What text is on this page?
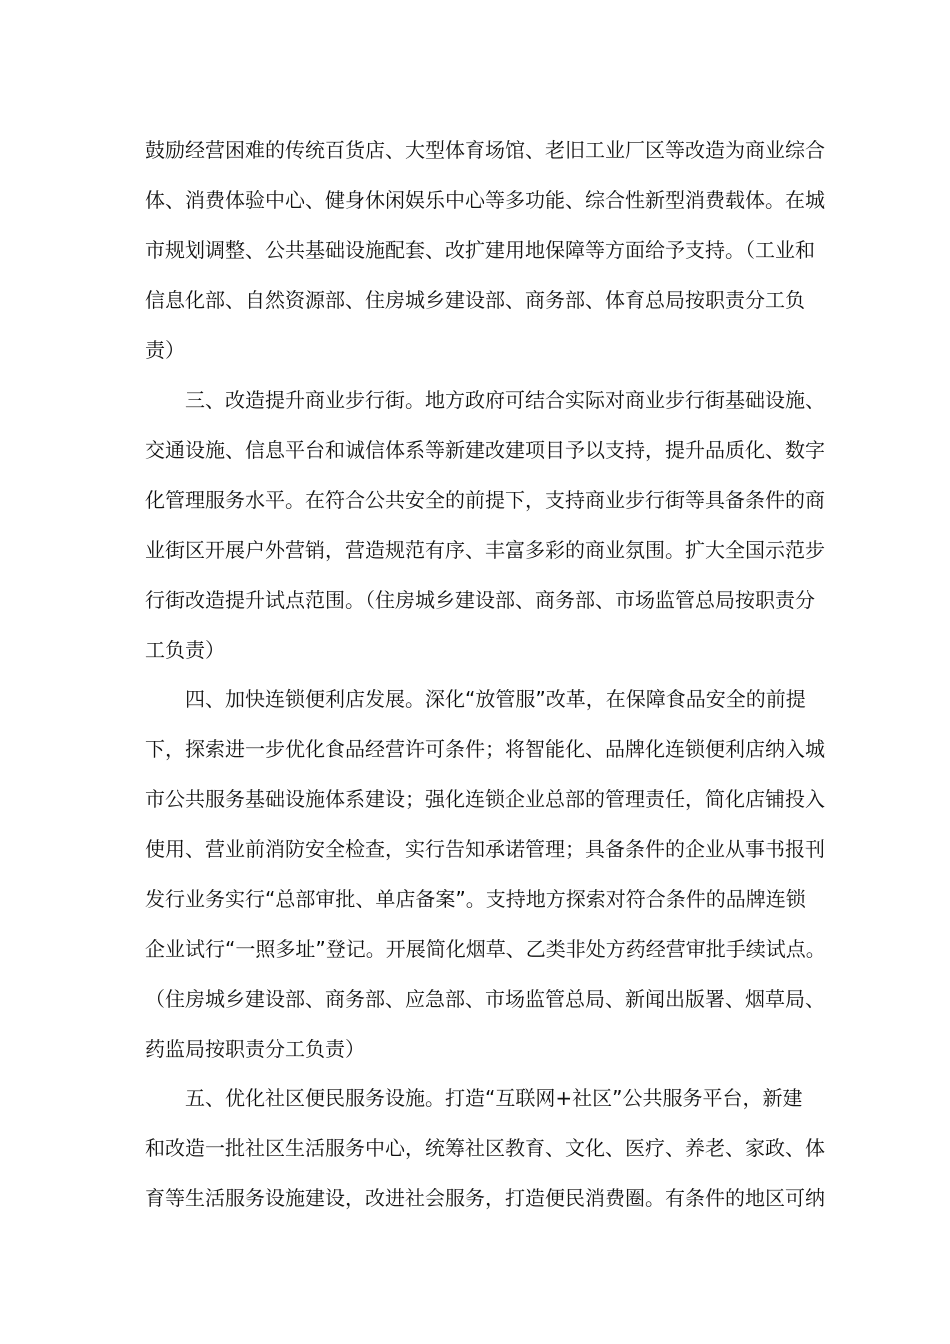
鼓励经营困难的传统百货店、大型体育场馆、老旧工业厂区等改造为商业综合
体、消费体验中心、健身休闲娱乐中心等多功能、综合性新型消费载体。在城
市规划调整、公共基础设施配套、改扩建用地保障等方面给予支持。（工业和
信息化部、自然资源部、住房城乡建设部、商务部、体育总局按职责分工负
责）
三、改造提升商业步行街。地方政府可结合实际对商业步行街基础设施、
交通设施、信息平台和诚信体系等新建改建项目予以支持，提升品质化、数字
化管理服务水平。在符合公共安全的前提下，支持商业步行街等具备条件的商
业街区开展户外营销，营造规范有序、丰富多彩的商业氛围。扩大全国示范步
行街改造提升试点范围。（住房城乡建设部、商务部、市场监管总局按职责分
工负责）
四、加快连锁便利店发展。深化“放管服”改革，在保障食品安全的前提
下，探索进一步优化食品经营许可条件；将智能化、品牌化连锁便利店纳入城
市公共服务基础设施体系建设；强化连锁企业总部的管理责任，简化店铺投入
使用、营业前消防安全检查，实行告知承诺管理；具备条件的企业从事书报刊
发行业务实行“总部审批、单店备案”。支持地方探索对符合条件的品牌连锁
企业试行“一照多址”登记。开展简化烟草、乙类非处方药经营审批手续试点。
（住房城乡建设部、商务部、应急部、市场监管总局、新闻出版署、烟草局、
药监局按职责分工负责）
五、优化社区便民服务设施。打造“互联网+社区”公共服务平台，新建
和改造一批社区生活服务中心，统筹社区教育、文化、医疗、养老、家政、体
育等生活服务设施建设，改进社会服务，打造便民消费圈。有条件的地区可纳
